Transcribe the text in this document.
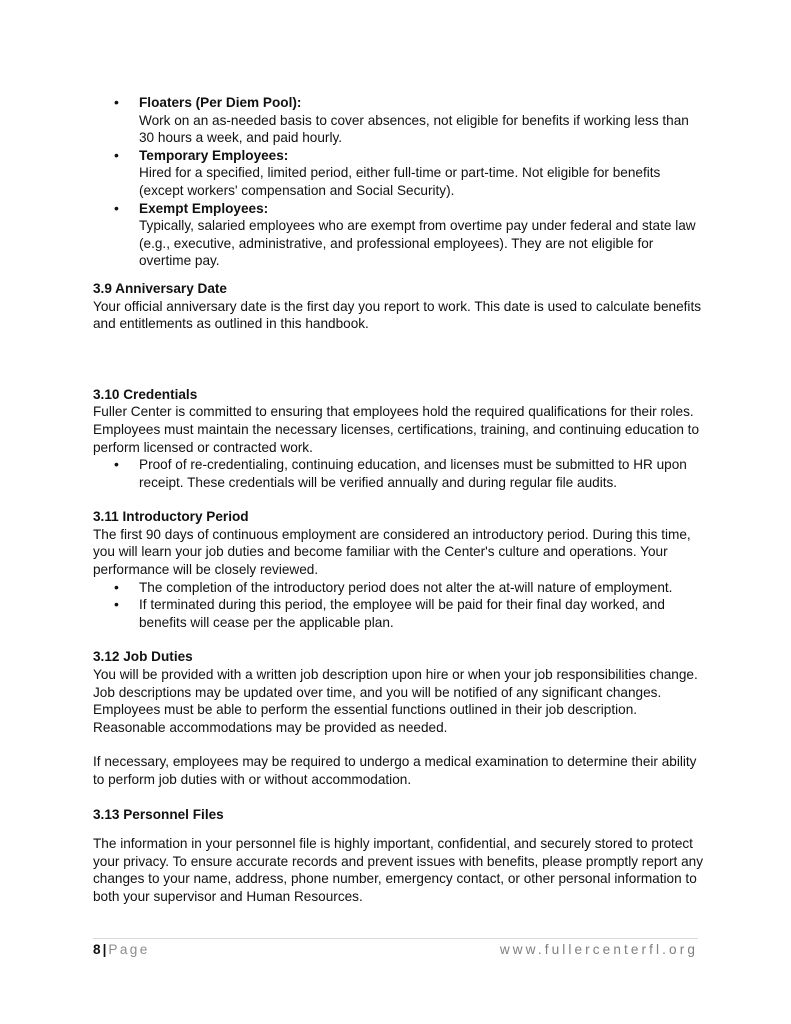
• Floaters (Per Diem Pool):
Work on an as-needed basis to cover absences, not eligible for benefits if working less than 30 hours a week, and paid hourly.
• Temporary Employees:
Hired for a specified, limited period, either full-time or part-time. Not eligible for benefits (except workers' compensation and Social Security).
• Exempt Employees:
Typically, salaried employees who are exempt from overtime pay under federal and state law (e.g., executive, administrative, and professional employees). They are not eligible for overtime pay.
3.9 Anniversary Date

Your official anniversary date is the first day you report to work. This date is used to calculate benefits and entitlements as outlined in this handbook.

3.10 Credentials

Fuller Center is committed to ensuring that employees hold the required qualifications for their roles. Employees must maintain the necessary licenses, certifications, training, and continuing education to perform licensed or contracted work.

• Proof of re-credentialing, continuing education, and licenses must be submitted to HR upon receipt. These credentials will be verified annually and during regular file audits.
3.11 Introductory Period

The first 90 days of continuous employment are considered an introductory period. During this time, you will learn your job duties and become familiar with the Center's culture and operations. Your performance will be closely reviewed.

• The completion of the introductory period does not alter the at-will nature of employment.
• If terminated during this period, the employee will be paid for their final day worked, and benefits will cease per the applicable plan.
3.12 Job Duties

You will be provided with a written job description upon hire or when your job responsibilities change. Job descriptions may be updated over time, and you will be notified of any significant changes. Employees must be able to perform the essential functions outlined in their job description. Reasonable accommodations may be provided as needed.

If necessary, employees may be required to undergo a medical examination to determine their ability to perform job duties with or without accommodation.

3.13 Personnel Files

The information in your personnel file is highly important, confidential, and securely stored to protect your privacy. To ensure accurate records and prevent issues with benefits, please promptly report any changes to your name, address, phone number, emergency contact, or other personal information to both your supervisor and Human Resources.

8 | Page	www.fullercenterfl.org
